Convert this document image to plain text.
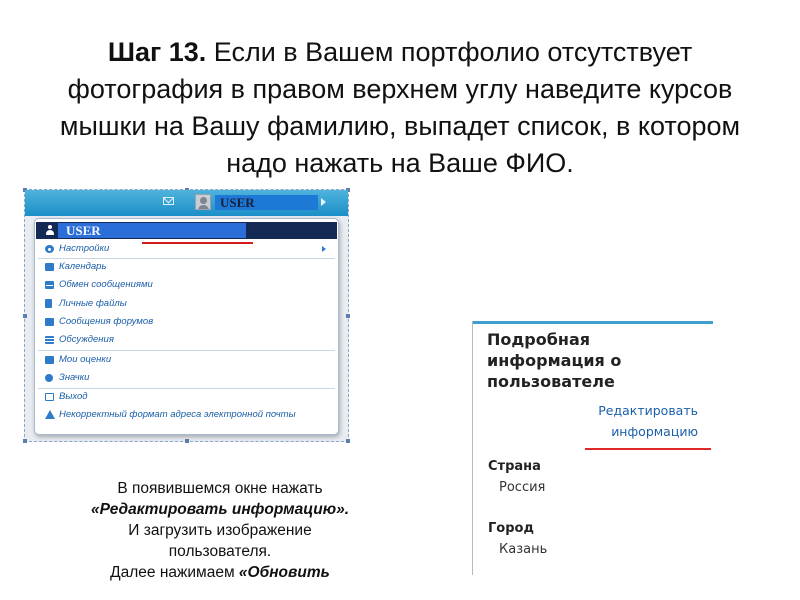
Шаг 13. Если в Вашем портфолио отсутствует фотография в правом верхнем углу наведите курсов мышки на Вашу фамилию, выпадет список, в котором надо нажать на Ваше ФИО.
USER
USER
Настройки
Календарь
Обмен сообщениями
Личные файлы
Сообщения форумов
Обсуждения
Мои оценки
Значки
Выход
Некорректный формат адреса электронной почты
В появившемся окне нажать
«Редактировать информацию».
И загрузить изображение
пользователя.
Далее нажимаем «Обновить
Подробная информация о пользователе
Редактировать
информацию
Страна
Россия
Город
Казань
